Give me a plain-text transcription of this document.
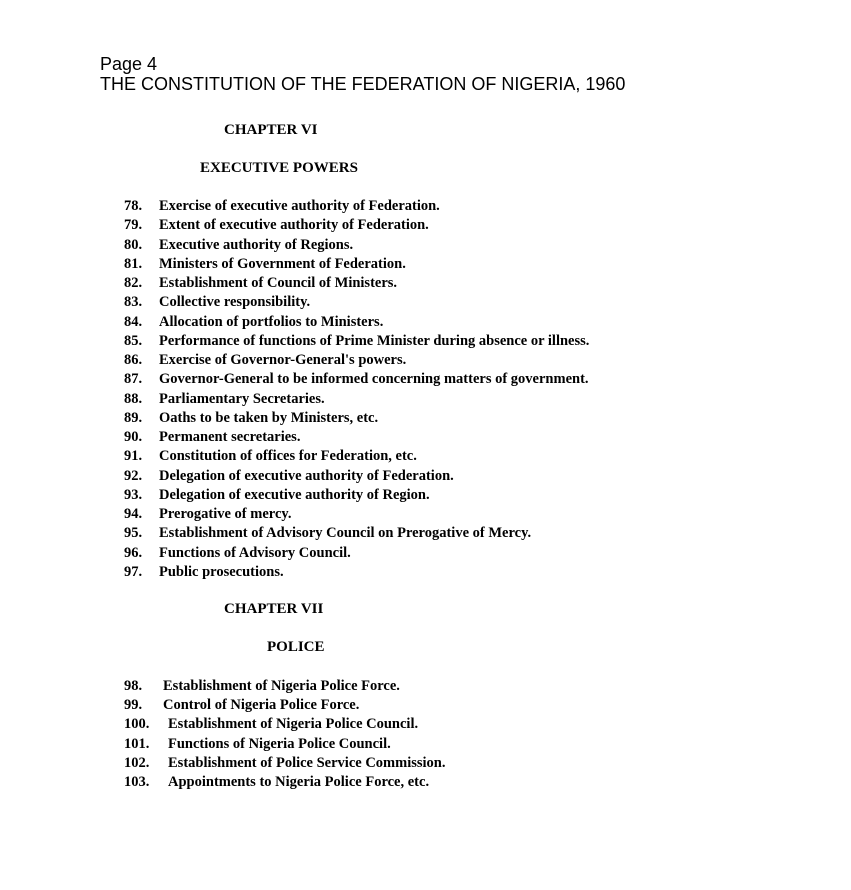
Page 4
THE CONSTITUTION OF THE FEDERATION OF NIGERIA, 1960
CHAPTER VI
EXECUTIVE POWERS
CHAPTER VII
POLICE
78. Exercise of executive authority of Federation.
79. Extent of executive authority of Federation.
80. Executive authority of Regions.
81. Ministers of Government of Federation.
82. Establishment of Council of Ministers.
83. Collective responsibility.
84. Allocation of portfolios to Ministers.
85. Performance of functions of Prime Minister during absence or illness.
86. Exercise of Governor-General's powers.
87. Governor-General to be informed concerning matters of government.
88. Parliamentary Secretaries.
89. Oaths to be taken by Ministers, etc.
90. Permanent secretaries.
91. Constitution of offices for Federation, etc.
92. Delegation of executive authority of Federation.
93. Delegation of executive authority of Region.
94. Prerogative of mercy.
95. Establishment of Advisory Council on Prerogative of Mercy.
96. Functions of Advisory Council.
97. Public prosecutions.
98. Establishment of Nigeria Police Force.
99. Control of Nigeria Police Force.
100. Establishment of Nigeria Police Council.
101. Functions of Nigeria Police Council.
102. Establishment of Police Service Commission.
103. Appointments to Nigeria Police Force, etc.
